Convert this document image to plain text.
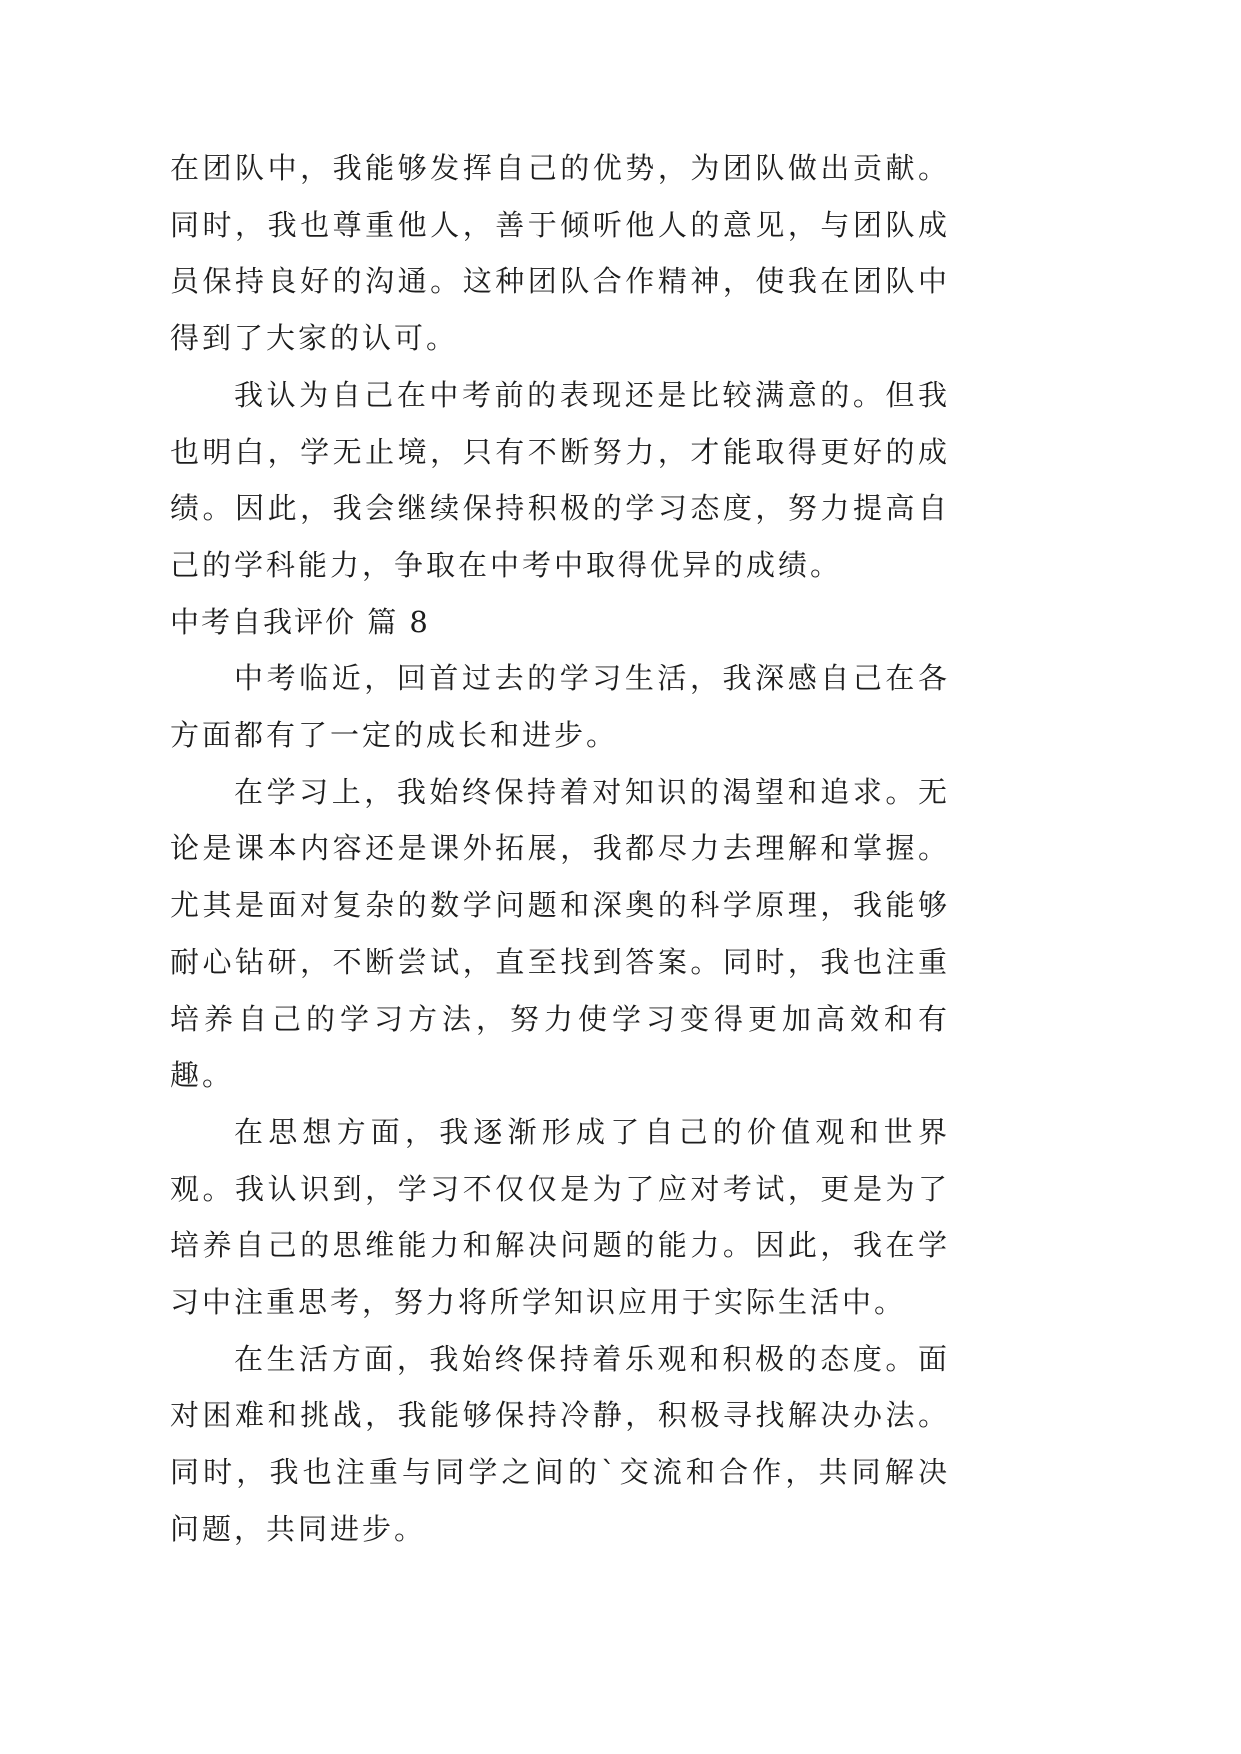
在团队中，我能够发挥自己的优势，为团队做出贡献。同时，我也尊重他人，善于倾听他人的意见，与团队成员保持良好的沟通。这种团队合作精神，使我在团队中得到了大家的认可。

我认为自己在中考前的表现还是比较满意的。但我也明白，学无止境，只有不断努力，才能取得更好的成绩。因此，我会继续保持积极的学习态度，努力提高自己的学科能力，争取在中考中取得优异的成绩。

中考自我评价 篇 8

中考临近，回首过去的学习生活，我深感自己在各方面都有了一定的成长和进步。

在学习上，我始终保持着对知识的渴望和追求。无论是课本内容还是课外拓展，我都尽力去理解和掌握。尤其是面对复杂的数学问题和深奥的科学原理，我能够耐心钻研，不断尝试，直至找到答案。同时，我也注重培养自己的学习方法，努力使学习变得更加高效和有趣。

在思想方面，我逐渐形成了自己的价值观和世界观。我认识到，学习不仅仅是为了应对考试，更是为了培养自己的思维能力和解决问题的能力。因此，我在学习中注重思考，努力将所学知识应用于实际生活中。

在生活方面，我始终保持着乐观和积极的态度。面对困难和挑战，我能够保持冷静，积极寻找解决办法。同时，我也注重与同学之间的`交流和合作，共同解决问题，共同进步。
